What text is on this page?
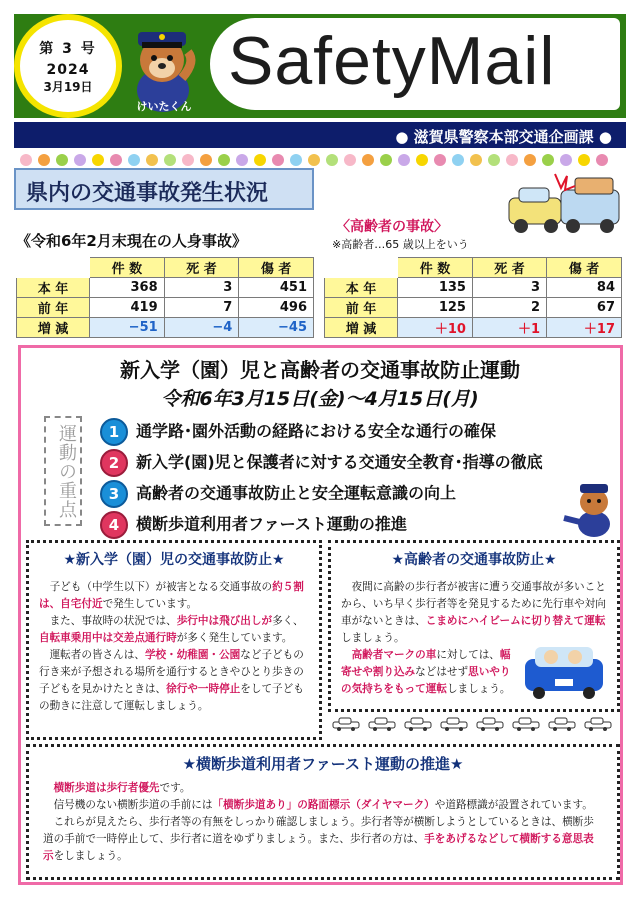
第 3 号
2024
3月19日
けいたくん
SafetyMail
● 滋賀県警察本部交通企画課 ●
県内の交通事故発生状況
《令和6年2月末現在の人身事故》
〈高齢者の事故〉
※高齢者…65 歳以上をいう
	件 数	死 者	傷 者
本 年	368	3	451
前 年	419	7	496
増 減	−51	−4	−45
	件 数	死 者	傷 者
本 年	135	3	84
前 年	125	2	67
増 減	＋10	＋1	＋17
新入学（園）児と高齢者の交通事故防止運動
令和6年3月15日(金)～4月15日(月)
運動の重点	1 通学路･園外活動の経路における安全な通行の確保
2 新入学(園)児と保護者に対する交通安全教育･指導の徹底
3 高齢者の交通事故防止と安全運転意識の向上
4 横断歩道利用者ファースト運動の推進
★新入学（園）児の交通事故防止★

　子ども（中学生以下）が被害となる交通事故の約５割は、自宅付近で発生しています。

　また、事故時の状況では、歩行中は飛び出しが多く、自転車乗用中は交差点通行時が多く発生しています。

　運転者の皆さんは、学校・幼稚園・公園など子どもの行き来が予想される場所を通行するときやひとり歩きの子どもを見かけたときは、徐行や一時停止をして子どもの動きに注意して運転しましょう。

★高齢者の交通事故防止★

　夜間に高齢の歩行者が被害に遭う交通事故が多いことから、いち早く歩行者等を発見するために先行車や対向車がないときは、こまめにハイビームに切り替えて運転しましょう。

　高齢者マークの車に対しては、幅寄せや割り込みなどはせず思いやりの気持ちをもって運転しましょう。

★横断歩道利用者ファースト運動の推進★

　横断歩道は歩行者優先です。

　信号機のない横断歩道の手前には「横断歩道あり」の路面標示（ダイヤマーク）や道路標識が設置されています。

　これらが見えたら、歩行者等の有無をしっかり確認しましょう。歩行者等が横断しようとしているときは、横断歩道の手前で一時停止して、歩行者に道をゆずりましょう。また、歩行者の方は、手をあげるなどして横断する意思表示をしましょう。
